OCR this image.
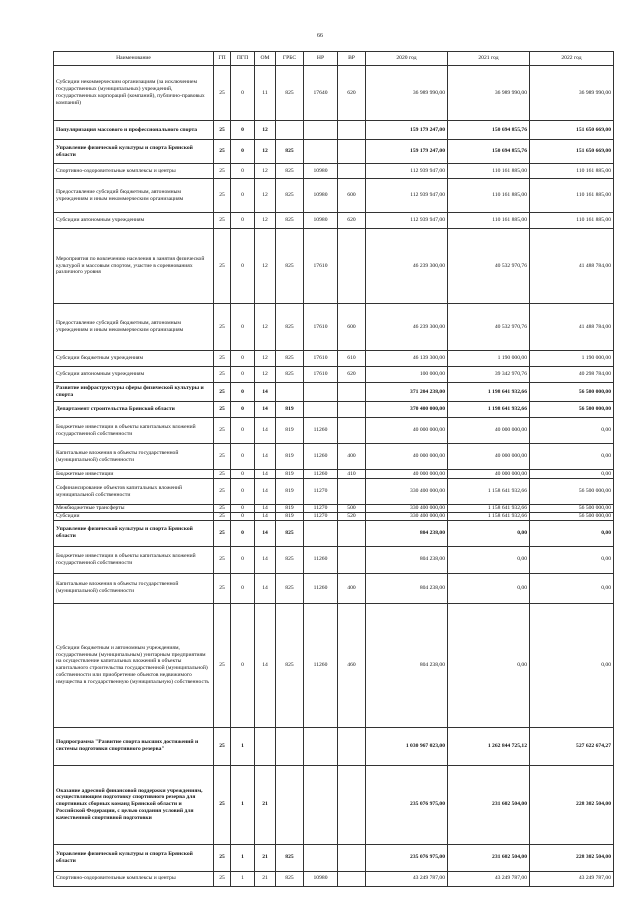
66
Наименование	ГП	ПГП	ОМ	ГРБС	НР	ВР	2020 год	2021 год	2022 год
Субсидии некоммерческим организациям (за исключением государственных (муниципальных) учреждений, государственных корпораций (компаний), публично-правовых компаний)	25	0	11	825	17640	620	36 989 990,00	36 989 990,00	36 989 990,00
Популяризация массового и профессионального спорта	25	0	12				159 179 247,00	150 694 855,76	151 650 669,00
Управление физической культуры и спорта Брянской области	25	0	12	825			159 179 247,00	150 694 855,76	151 650 669,00
Спортивно-оздоровительные комплексы и центры	25	0	12	825	10980		112 939 947,00	110 161 885,00	110 161 885,00
Предоставление субсидий бюджетным, автономным учреждениям и иным некоммерческим организациям	25	0	12	825	10980	600	112 939 947,00	110 161 885,00	110 161 885,00
Субсидии автономным учреждениям	25	0	12	825	10980	620	112 939 947,00	110 161 885,00	110 161 885,00
Мероприятия по вовлечению населения в занятия физической культурой и массовым спортом, участие в соревнованиях различного уровня	25	0	12	825	17610		46 239 300,00	40 532 970,76	41 488 784,00
Предоставление субсидий бюджетным, автономным учреждениям и иным некоммерческим организациям	25	0	12	825	17610	600	46 239 300,00	40 532 970,76	41 488 784,00
Субсидии бюджетным учреждениям	25	0	12	825	17610	610	46 139 300,00	1 190 000,00	1 190 000,00
Субсидии автономным учреждениям	25	0	12	825	17610	620	100 000,00	39 342 970,76	40 298 784,00
Развитие инфраструктуры сферы физической культуры и спорта	25	0	14				371 204 238,00	1 198 641 932,66	56 500 000,00
Департамент строительства Брянской области	25	0	14	819			370 400 000,00	1 198 641 932,66	56 500 000,00
Бюджетные инвестиции в объекты капитальных вложений государственной собственности	25	0	14	819	11260		40 000 000,00	40 000 000,00	0,00
Капитальные вложения в объекты государственной (муниципальной) собственности	25	0	14	819	11260	400	40 000 000,00	40 000 000,00	0,00
Бюджетные инвестиции	25	0	14	819	11260	410	40 000 000,00	40 000 000,00	0,00
Софинансирование объектов капитальных вложений муниципальной собственности	25	0	14	819	11270		330 400 000,00	1 158 641 932,66	56 500 000,00
Межбюджетные трансферты	25	0	14	819	11270	500	330 400 000,00	1 158 641 932,66	56 500 000,00
Субсидии	25	0	14	819	11270	520	330 400 000,00	1 158 641 932,66	56 500 000,00
Управление физической культуры и спорта Брянской области	25	0	14	825			804 238,00	0,00	0,00
Бюджетные инвестиции в объекты капитальных вложений государственной собственности	25	0	14	825	11260		804 238,00	0,00	0,00
Капитальные вложения в объекты государственной (муниципальной) собственности	25	0	14	825	11260	400	804 238,00	0,00	0,00
Субсидии бюджетным и автономным учреждениям, государственным (муниципальным) унитарным предприятиям на осуществление капитальных вложений в объекты капитального строительства государственной (муниципальной) собственности или приобретение объектов недвижимого имущества в государственную (муниципальную) собственность	25	0	14	825	11260	460	804 238,00	0,00	0,00
Подпрограмма "Развитие спорта высших достижений и системы подготовки спортивного резерва"	25	1					1 030 967 023,00	1 262 844 725,12	527 622 674,27
Оказание адресной финансовой поддержки учреждениям, осуществляющим подготовку спортивного резерва для спортивных сборных команд Брянской области и Российской Федерации, с целью создания условий для качественной спортивной подготовки	25	1	21				235 076 975,00	231 602 504,00	228 302 504,00
Управление физической культуры и спорта Брянской области	25	1	21	825			235 076 975,00	231 602 504,00	228 302 504,00
Спортивно-оздоровительные комплексы и центры	25	1	21	825	10980		43 249 787,00	43 249 787,00	43 249 787,00
